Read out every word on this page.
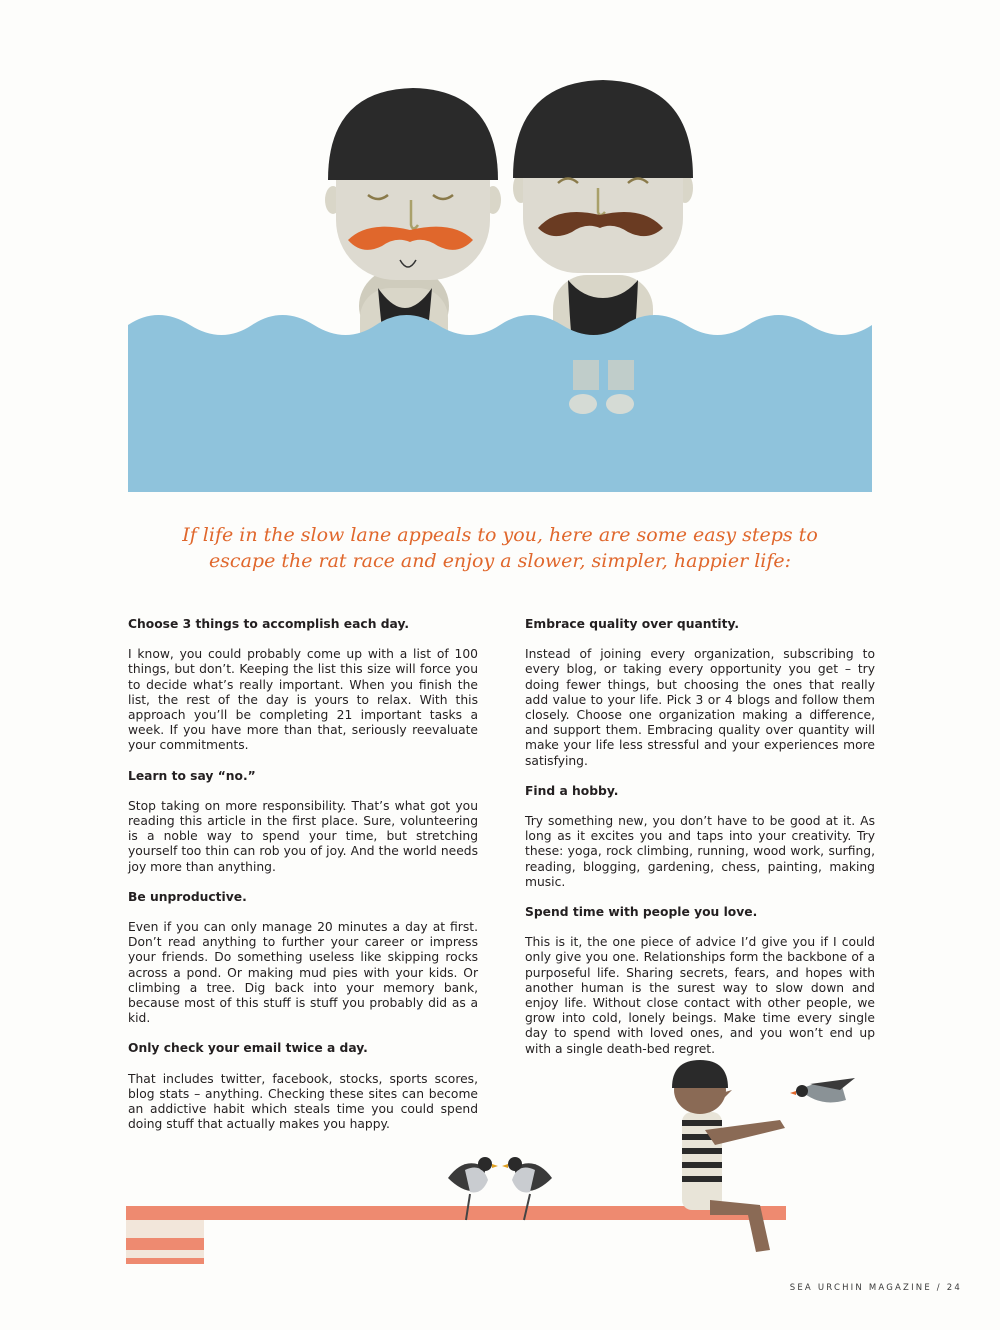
If life in the slow lane appeals to you, here are some easy steps to
escape the rat race and enjoy a slower, simpler, happier life:
Choose 3 things to accomplish each day.

I know, you could probably come up with a list of 100 things, but don’t. Keeping the list this size will force you to decide what’s really important. When you finish the list, the rest of the day is yours to relax. With this approach you’ll be completing 21 important tasks a week. If you have more than that, seriously reevaluate your commitments.

Learn to say “no.”

Stop taking on more responsibility. That’s what got you reading this article in the first place. Sure, volunteering is a noble way to spend your time, but stretching yourself too thin can rob you of joy. And the world needs joy more than anything.

Be unproductive.

Even if you can only manage 20 minutes a day at first. Don’t read anything to further your career or impress your friends. Do something useless like skipping rocks across a pond. Or making mud pies with your kids. Or climbing a tree. Dig back into your memory bank, because most of this stuff is stuff you probably did as a kid.

Only check your email twice a day.

That includes twitter, facebook, stocks, sports scores, blog stats – anything. Checking these sites can become an addictive habit which steals time you could spend doing stuff that actually makes you happy.

Embrace quality over quantity.

Instead of joining every organization, subscribing to every blog, or taking every opportunity you get – try doing fewer things, but choosing the ones that really add value to your life. Pick 3 or 4 blogs and follow them closely. Choose one organization making a difference, and support them. Embracing quality over quantity will make your life less stressful and your experiences more satisfying.

Find a hobby.

Try something new, you don’t have to be good at it. As long as it excites you and taps into your creativity. Try these: yoga, rock climbing, running, wood work, surfing, reading, blogging, gardening, chess, painting, making music.

Spend time with people you love.

This is it, the one piece of advice I’d give you if I could only give you one. Relationships form the backbone of a purposeful life. Sharing secrets, fears, and hopes with another human is the surest way to slow down and enjoy life. Without close contact with other people, we grow into cold, lonely beings. Make time every single day to spend with loved ones, and you won’t end up with a single death-bed regret.

SEA URCHIN MAGAZINE / 24
